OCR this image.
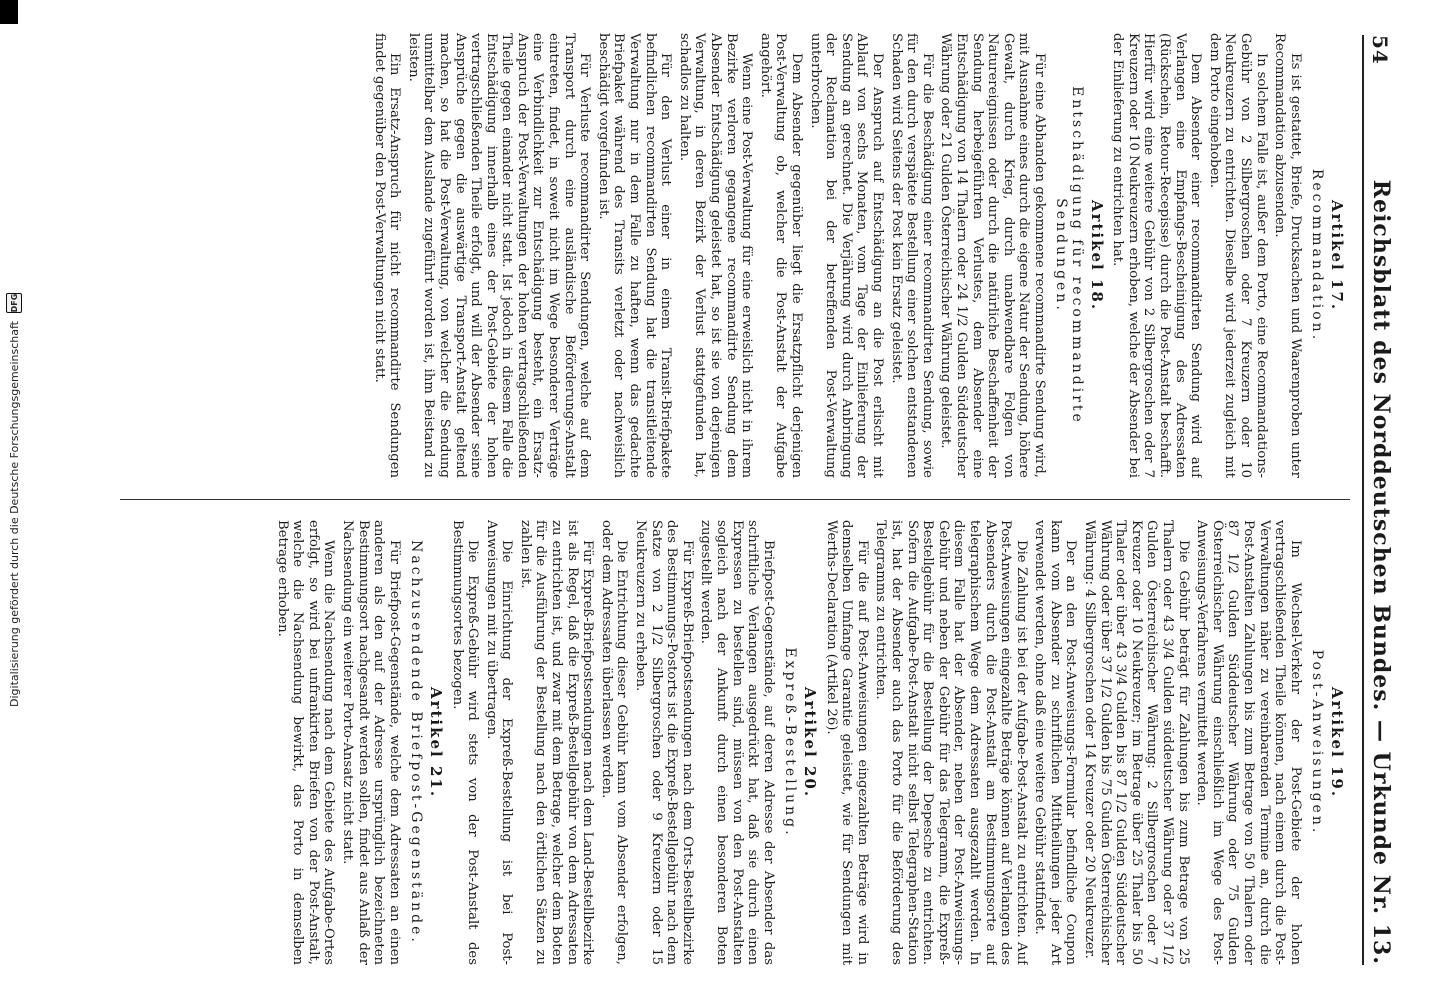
Digitalisierung gefördert durch die Deutsche Forschungsgemeinschaft
DFG
54
Reichsblatt des Norddeutschen Bundes. — Urkunde Nr. 13.
Artikel 17.
Recommandation.

Es ist gestattet, Briefe, Drucksachen und Waarenproben unter Recommandation abzusenden.

In solchem Falle ist, außer dem Porto, eine Recommandations-Gebühr von 2 Silbergroschen oder 7 Kreuzern oder 10 Neukreuzern zu entrichten. Dieselbe wird jederzeit zugleich mit dem Porto eingehoben.

Dem Absender einer recommandirten Sendung wird auf Verlangen eine Empfangs-Bescheinigung des Adressaten (Rückschein, Retour-Recepisse) durch die Post-Anstalt beschafft. Hierfür wird eine weitere Gebühr von 2 Silbergroschen oder 7 Kreuzern oder 10 Neukreuzern erhoben, welche der Absender bei der Einlieferung zu entrichten hat.

Artikel 18.
Entschädigung für recommandirte Sendungen.

Für eine Abhanden gekommene recommandirte Sendung wird, mit Ausnahme eines durch die eigene Natur der Sendung, höhere Gewalt, durch Krieg, durch unabwendbare Folgen von Naturereignissen oder durch die natürliche Beschaffenheit der Sendung herbeigeführten Verlustes, dem Absender eine Entschädigung von 14 Thalern oder 24 1/2 Gulden Süddeutscher Währung oder 21 Gulden Österreichischer Währung geleistet.

Für die Beschädigung einer recommandirten Sendung, sowie für den durch verspätete Bestellung einer solchen entstandenen Schaden wird Seitens der Post kein Ersatz geleistet.

Der Anspruch auf Entschädigung an die Post erlischt mit Ablauf von sechs Monaten, vom Tage der Einlieferung der Sendung an gerechnet. Die Verjährung wird durch Anbringung der Reclamation bei der betreffenden Post-Verwaltung unterbrochen.

Dem Absender gegenüber liegt die Ersatzpflicht derjenigen Post-Verwaltung ob, welcher die Post-Anstalt der Aufgabe angehört.

Wenn eine Post-Verwaltung für eine erweislich nicht in ihrem Bezirke verloren gegangene recommandirte Sendung dem Absender Entschädigung geleistet hat, so ist sie von derjenigen Verwaltung, in deren Bezirk der Verlust stattgefunden hat, schadlos zu halten.

Für den Verlust einer in einem Transit-Briefpakete befindlichen recommandirten Sendung hat die transitleitende Verwaltung nur in dem Falle zu haften, wenn das gedachte Briefpaket während des Transits verletzt oder nachweislich beschädigt vorgefunden ist.

Für Verluste recommandirter Sendungen, welche auf dem Transport durch eine ausländische Beförderungs-Anstalt eintreten, findet, in soweit nicht im Wege besonderer Verträge eine Verbindlichkeit zur Entschädigung besteht, ein Ersatz-Anspruch der Post-Verwaltungen der hohen vertragschließenden Theile gegen einander nicht statt. Ist jedoch in diesem Falle die Entschädigung innerhalb eines der Post-Gebiete der hohen vertragschließenden Theile erfolgt, und will der Absender seine Ansprüche gegen die auswärtige Transport-Anstalt geltend machen, so hat die Post-Verwaltung, von welcher die Sendung unmittelbar dem Auslande zugeführt worden ist, ihm Beistand zu leisten.

Ein Ersatz-Anspruch für nicht recommandirte Sendungen findet gegenüber den Post-Verwaltungen nicht statt.

Artikel 19.
Post-Anweisungen.

Im Wechsel-Verkehr der Post-Gebiete der hohen vertragschließenden Theile können, nach einem durch die Post-Verwaltungen näher zu vereinbarenden Termine an, durch die Post-Anstalten Zahlungen bis zum Betrage von 50 Thalern oder 87 1/2 Gulden Süddeutscher Währung oder 75 Gulden Österreichischer Währung einschließlich im Wege des Post-Anweisungs-Verfahrens vermittelt werden.

Die Gebühr beträgt für Zahlungen bis zum Betrage von 25 Thalern oder 43 3/4 Gulden süddeutscher Währung oder 37 1/2 Gulden Österreichischer Währung: 2 Silbergroschen oder 7 Kreuzer oder 10 Neukreuzer; im Betrage über 25 Thaler bis 50 Thaler oder über 43 3/4 Gulden bis 87 1/2 Gulden Süddeutscher Währung oder über 37 1/2 Gulden bis 75 Gulden Österreichischer Währung: 4 Silbergroschen oder 14 Kreuzer oder 20 Neukreuzer.

Der an den Post-Anweisungs-Formular befindliche Coupon kann vom Absender zu schriftlichen Mittheilungen jeder Art verwendet werden, ohne daß eine weitere Gebühr stattfindet.

Die Zahlung ist bei der Aufgabe-Post-Anstalt zu entrichten. Auf Post-Anweisungen eingezahlte Beträge können auf Verlangen des Absenders durch die Post-Anstalt am Bestimmungsorte auf telegraphischem Wege dem Adressaten ausgezahlt werden. In diesem Falle hat der Absender, neben der Post-Anweisungs-Gebühr und neben der Gebühr für das Telegramm, die Expreß-Bestellgebühr für die Bestellung der Depesche zu entrichten. Sofern die Aufgabe-Post-Anstalt nicht selbst Telegraphen-Station ist, hat der Absender auch das Porto für die Beförderung des Telegramms zu entrichten.

Für die auf Post-Anweisungen eingezahlten Beträge wird in demselben Umfange Garantie geleistet, wie für Sendungen mit Werths-Declaration (Artikel 26).

Artikel 20.
Expreß-Bestellung.

Briefpost-Gegenstände, auf deren Adresse der Absender das schriftliche Verlangen ausgedrückt hat, daß sie durch einen Expressen zu bestellen sind, müssen von den Post-Anstalten sogleich nach der Ankunft durch einen besonderen Boten zugestellt werden.

Für Expreß-Briefpostsendungen nach dem Orts-Bestellbezirke des Bestimmungs-Postorts ist die Expreß-Bestellgebühr nach dem Satze von 2 1/2 Silbergroschen oder 9 Kreuzern oder 15 Neukreuzern zu erheben.

Die Entrichtung dieser Gebühr kann vom Absender erfolgen, oder dem Adressaten überlassen werden.

Für Expreß-Briefpostsendungen nach dem Land-Bestellbezirke ist als Regel, daß die Expreß-Bestellgebühr von dem Adressaten zu entrichten ist, und zwar mit dem Betrage, welcher dem Boten für die Ausführung der Bestellung nach den örtlichen Sätzen zu zahlen ist.

Die Einrichtung der Expreß-Bestellung ist bei Post-Anweisungen mit zu übertragen.

Die Expreß-Gebühr wird stets von der Post-Anstalt des Bestimmungsortes bezogen.

Artikel 21.
Nachzusendende Briefpost-Gegenstände.

Für Briefpost-Gegenstände, welche dem Adressaten an einen anderen als den auf der Adresse ursprünglich bezeichneten Bestimmungsort nachgesandt werden sollen, findet aus Anlaß der Nachsendung ein weiterer Porto-Ansatz nicht statt.

Wenn die Nachsendung nach dem Gebiete des Aufgabe-Ortes erfolgt, so wird bei unfrankirten Briefen von der Post-Anstalt, welche die Nachsendung bewirkt, das Porto in demselben Betrage erhoben.
